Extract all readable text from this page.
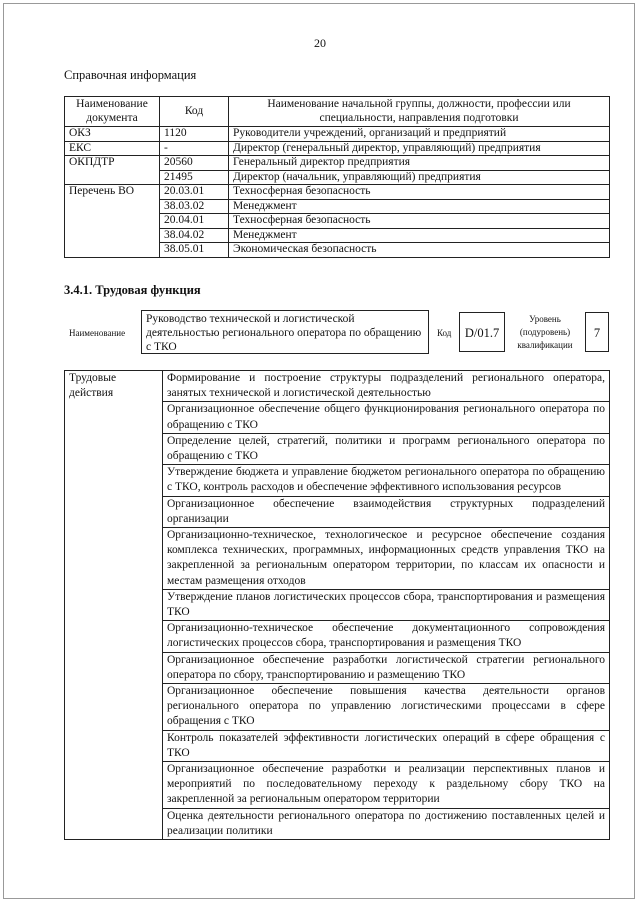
20
Справочная информация
Наименование документа	Код	Наименование начальной группы, должности, профессии или специальности, направления подготовки
ОКЗ	1120	Руководители учреждений, организаций и предприятий
ЕКС	-	Директор (генеральный директор, управляющий) предприятия
ОКПДТР	20560	Генеральный директор предприятия
	21495	Директор (начальник, управляющий) предприятия
Перечень ВО	20.03.01	Техносферная безопасность
	38.03.02	Менеджмент
	20.04.01	Техносферная безопасность
	38.04.02	Менеджмент
	38.05.01	Экономическая безопасность
3.4.1. Трудовая функция
Наименование
Руководство технической и логистической деятельностью регионального оператора по обращению с ТКО
Код	D/01.7
Уровень (подуровень) квалификации
7
Трудовые действия	Формирование и построение структуры подразделений регионального оператора, занятых технической и логистической деятельностью
Организационное обеспечение общего функционирования регионального оператора по обращению с ТКО
Определение целей, стратегий, политики и программ регионального оператора по обращению с ТКО
Утверждение бюджета и управление бюджетом регионального оператора по обращению с ТКО, контроль расходов и обеспечение эффективного использования ресурсов
Организационное обеспечение взаимодействия структурных подразделений организации
Организационно-техническое, технологическое и ресурсное обеспечение создания комплекса технических, программных, информационных средств управления ТКО на закрепленной за региональным оператором территории, по классам их опасности и местам размещения отходов
Утверждение планов логистических процессов сбора, транспортирования и размещения ТКО
Организационно-техническое обеспечение документационного сопровождения логистических процессов сбора, транспортирования и размещения ТКО
Организационное обеспечение разработки логистической стратегии регионального оператора по сбору, транспортированию и размещению ТКО
Организационное обеспечение повышения качества деятельности органов регионального оператора по управлению логистическими процессами в сфере обращения с ТКО
Контроль показателей эффективности логистических операций в сфере обращения с ТКО
Организационное обеспечение разработки и реализации перспективных планов и мероприятий по последовательному переходу к раздельному сбору ТКО на закрепленной за региональным оператором территории
Оценка деятельности регионального оператора по достижению поставленных целей и реализации политики
